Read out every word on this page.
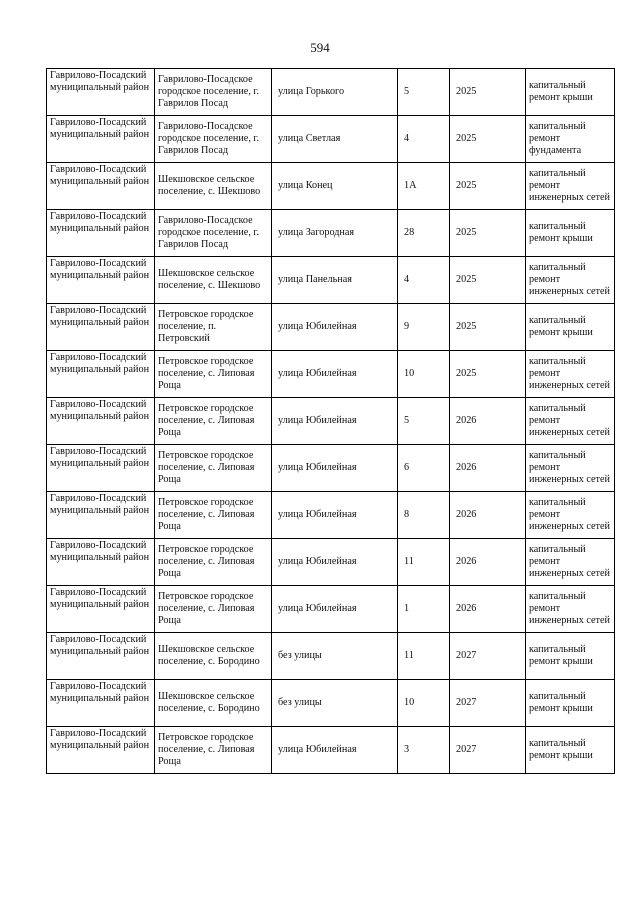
594
Гаврилово-Посадский муниципальный район	Гаврилово-Посадское городское поселение, г. Гаврилов Посад	улица Горького	5	2025	капитальный ремонт крыши
Гаврилово-Посадский муниципальный район	Гаврилово-Посадское городское поселение, г. Гаврилов Посад	улица Светлая	4	2025	капитальный ремонт фундамента
Гаврилово-Посадский муниципальный район	Шекшовское сельское поселение, с. Шекшово	улица Конец	1А	2025	капитальный ремонт инженерных сетей
Гаврилово-Посадский муниципальный район	Гаврилово-Посадское городское поселение, г. Гаврилов Посад	улица Загородная	28	2025	капитальный ремонт крыши
Гаврилово-Посадский муниципальный район	Шекшовское сельское поселение, с. Шекшово	улица Панельная	4	2025	капитальный ремонт инженерных сетей
Гаврилово-Посадский муниципальный район	Петровское городское поселение, п. Петровский	улица Юбилейная	9	2025	капитальный ремонт крыши
Гаврилово-Посадский муниципальный район	Петровское городское поселение, с. Липовая Роща	улица Юбилейная	10	2025	капитальный ремонт инженерных сетей
Гаврилово-Посадский муниципальный район	Петровское городское поселение, с. Липовая Роща	улица Юбилейная	5	2026	капитальный ремонт инженерных сетей
Гаврилово-Посадский муниципальный район	Петровское городское поселение, с. Липовая Роща	улица Юбилейная	6	2026	капитальный ремонт инженерных сетей
Гаврилово-Посадский муниципальный район	Петровское городское поселение, с. Липовая Роща	улица Юбилейная	8	2026	капитальный ремонт инженерных сетей
Гаврилово-Посадский муниципальный район	Петровское городское поселение, с. Липовая Роща	улица Юбилейная	11	2026	капитальный ремонт инженерных сетей
Гаврилово-Посадский муниципальный район	Петровское городское поселение, с. Липовая Роща	улица Юбилейная	1	2026	капитальный ремонт инженерных сетей
Гаврилово-Посадский муниципальный район	Шекшовское сельское поселение, с. Бородино	без улицы	11	2027	капитальный ремонт крыши
Гаврилово-Посадский муниципальный район	Шекшовское сельское поселение, с. Бородино	без улицы	10	2027	капитальный ремонт крыши
Гаврилово-Посадский муниципальный район	Петровское городское поселение, с. Липовая Роща	улица Юбилейная	3	2027	капитальный ремонт крыши
